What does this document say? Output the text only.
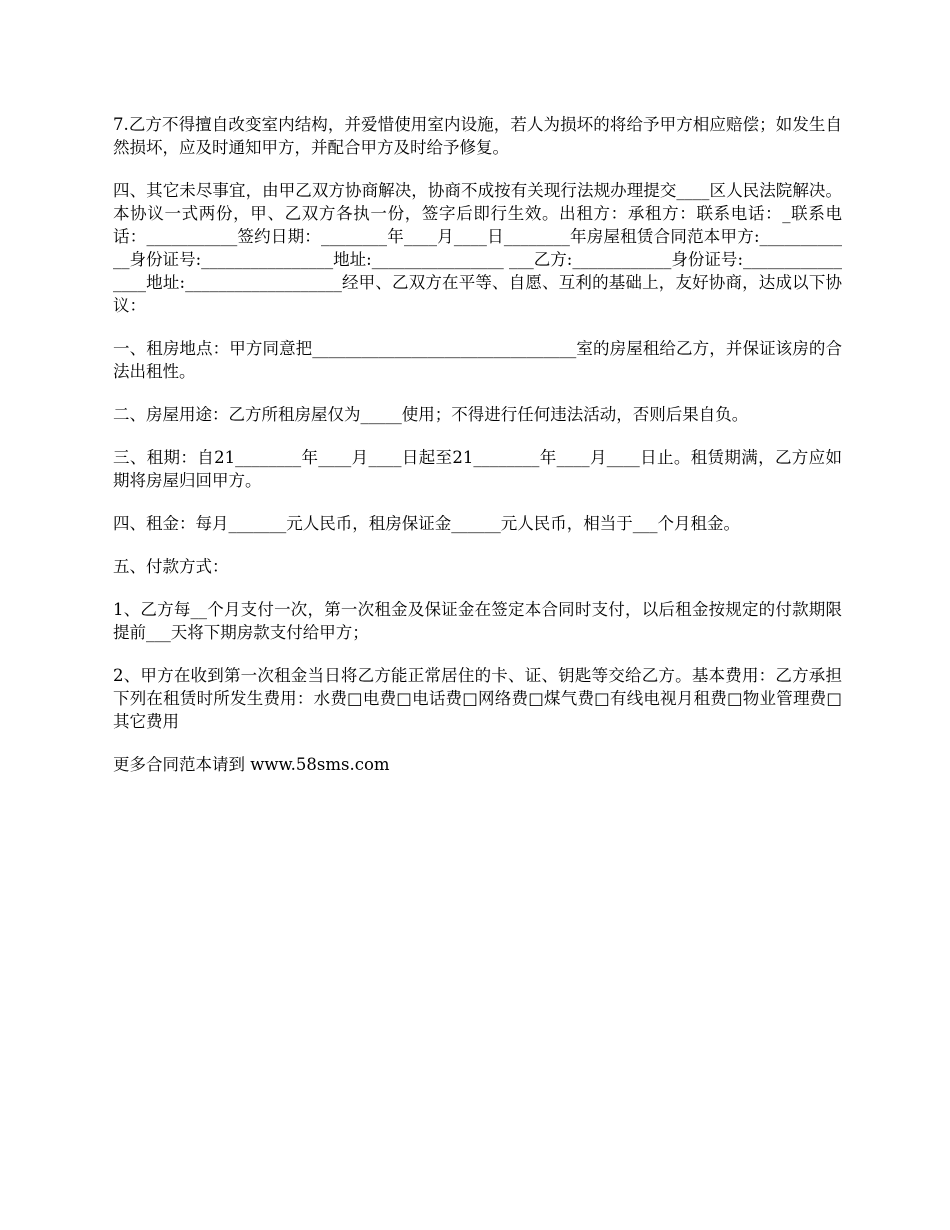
7.乙方不得擅自改变室内结构，并爱惜使用室内设施，若人为损坏的将给予甲方相应赔偿；如发生自然损坏，应及时通知甲方，并配合甲方及时给予修复。

四、其它未尽事宜，由甲乙双方协商解决，协商不成按有关现行法规办理提交____区人民法院解决。本协议一式两份，甲、乙双方各执一份，签字后即行生效。出租方：承租方：联系电话：_联系电话：___________签约日期：________年____月____日________年房屋租赁合同范本甲方:____________身份证号:________________地址:________________ ___乙方:____________身份证号:________________地址:___________________经甲、乙双方在平等、自愿、互利的基础上，友好协商，达成以下协议：

一、租房地点：甲方同意把________________________________室的房屋租给乙方，并保证该房的合法出租性。

二、房屋用途：乙方所租房屋仅为_____使用；不得进行任何违法活动，否则后果自负。

三、租期：自21________年____月____日起至21________年____月____日止。租赁期满，乙方应如期将房屋归回甲方。

四、租金：每月_______元人民币，租房保证金______元人民币，相当于___个月租金。

五、付款方式：

1、乙方每__个月支付一次，第一次租金及保证金在签定本合同时支付，以后租金按规定的付款期限提前___天将下期房款支付给甲方；

2、甲方在收到第一次租金当日将乙方能正常居住的卡、证、钥匙等交给乙方。基本费用：乙方承担下列在租赁时所发生费用：水费□电费□电话费□网络费□煤气费□有线电视月租费□物业管理费□其它费用

更多合同范本请到 www.58sms.com
